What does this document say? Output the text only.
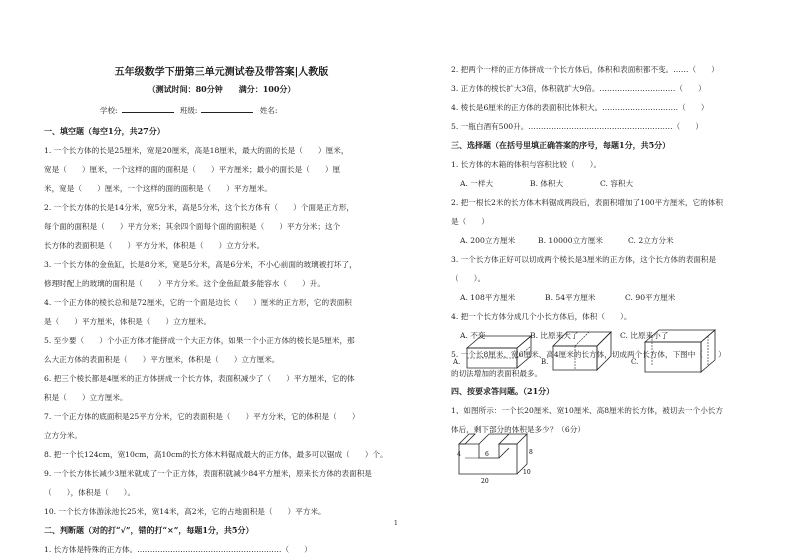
五年级数学下册第三单元测试卷及带答案|人教版
（测试时间：80分钟　　满分：100分）
学校:	班级:	姓名:
一、填空题（每空1分，共27分）
1. 一个长方体的长是25厘米，宽是20厘米，高是18厘米，最大的面的长是（　　）厘米，
宽是（　　）厘米，一个这样的面的面积是（　　）平方厘米；最小的面长是（　　）厘
米，宽是（　　）厘米，一个这样的面的面积是（　　）平方厘米。
2. 一个长方体的长是14分米，宽5分米，高是5分米，这个长方体有（　　）个面是正方形，
每个面的面积是（　　）平方分米；其余四个面每个面的面积是（　　）平方分米；这个
长方体的表面积是（　　）平方分米，体积是（　　）立方分米。
3. 一个长方体的金鱼缸，长是8分米，宽是5分米，高是6分米，不小心前面的玻璃被打坏了，
修理时配上的玻璃的面积是（　　）平方分米。这个金鱼缸最多能容水（　　）升。
4. 一个正方体的棱长总和是72厘米，它的一个面是边长（　　）厘米的正方形，它的表面积
是（　　）平方厘米，体积是（　　）立方厘米。
5. 至少要（　　）个小正方体才能拼成一个大正方体，如果一个小正方体的棱长是5厘米，那
么大正方体的表面积是（　　）平方厘米，体积是（　　）立方厘米。
6. 把三个棱长都是4厘米的正方体拼成一个长方体，表面积减少了（　　）平方厘米，它的体
积是（　　）立方厘米。
7. 一个正方体的底面积是25平方分米，它的表面积是（　　）平方分米，它的体积是（　　）
立方分米。
8. 把一个长124cm，宽10cm，高10cm的长方体木料锯成最大的正方体，最多可以锯成（　　）个。
9. 一个长方体长减少3厘米就成了一个正方体，表面积就减少84平方厘米，原来长方体的表面积是
（　　），体积是（　　）。
10. 一个长方体游泳池长25米，宽14米，高2米，它的占地面积是（　　）平方米。
二、判断题（对的打“√”，错的打“×”，每题1分，共5分）
1. 长方体是特殊的正方体。…………………………………………………（　　）
2. 把两个一样的正方体拼成一个长方体后，体积和表面积都不变。……（　　）
3. 正方体的棱长扩大3倍，体积就扩大9倍。…………………………（　　）
4. 棱长是6厘米的正方体的表面积比体积大。…………………………（　　）
5. 一瓶白酒有500升。…………………………………………………（　　）
三、选择题（在括号里填正确答案的序号，每题1分，共5分）
1. 长方体的木箱的体积与容积比较（　　）。
A. 一样大	B. 体积大	C. 容积大
2. 把一根长2米的长方体木料锯成两段后，表面积增加了100平方厘米，它的体积
是（　　）
A. 200立方厘米	B. 10000立方厘米	C. 2立方分米
3. 一个长方体正好可以切成两个棱长是3厘米的正方体，这个长方体的表面积是
（　　）。
A. 108平方厘米	B. 54平方厘米	C. 90平方厘米
4. 把一个长方体分成几个小长方体后，体积（　　）。
A. 不变	B. 比原来大了	C. 比原来小了
5. 一个长8厘米、宽6厘米、高4厘米的长方体，切成两个长方体，下图中（　　）
的切法增加的表面积最多。
A.	B.	C.
四、按要求答问题。（21分）
1、如图所示：一个长20厘米、宽10厘米、高8厘米的长方体，被切去一个小长方
体后，剩下部分的体积是多少？（6分）
4	6	8
10
20
1
